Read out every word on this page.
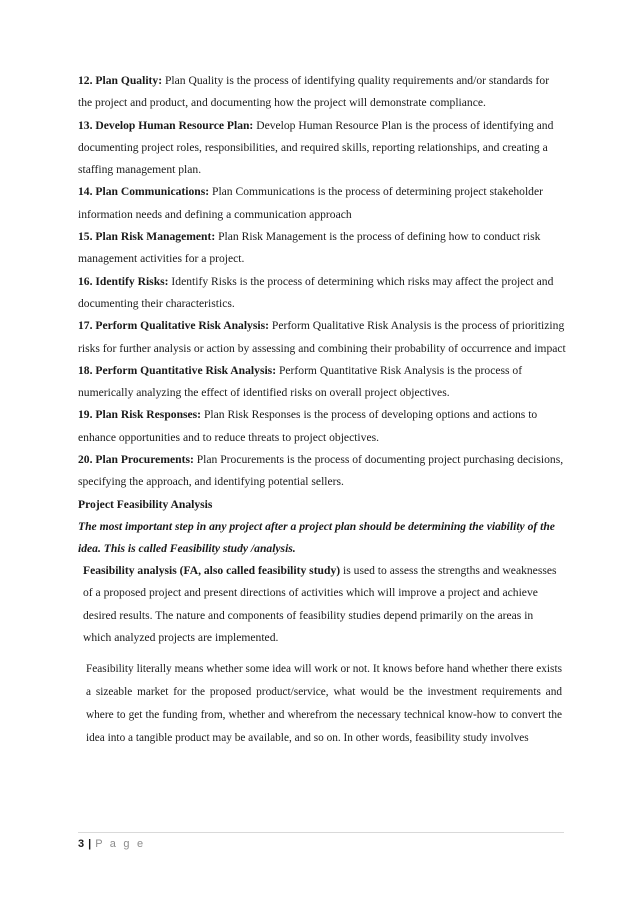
12. Plan Quality: Plan Quality is the process of identifying quality requirements and/or standards for the project and product, and documenting how the project will demonstrate compliance.
13. Develop Human Resource Plan: Develop Human Resource Plan is the process of identifying and documenting project roles, responsibilities, and required skills, reporting relationships, and creating a staffing management plan.
14. Plan Communications: Plan Communications is the process of determining project stakeholder information needs and defining a communication approach
15. Plan Risk Management: Plan Risk Management is the process of defining how to conduct risk management activities for a project.
16. Identify Risks: Identify Risks is the process of determining which risks may affect the project and documenting their characteristics.
17. Perform Qualitative Risk Analysis: Perform Qualitative Risk Analysis is the process of prioritizing risks for further analysis or action by assessing and combining their probability of occurrence and impact
18. Perform Quantitative Risk Analysis: Perform Quantitative Risk Analysis is the process of numerically analyzing the effect of identified risks on overall project objectives.
19. Plan Risk Responses: Plan Risk Responses is the process of developing options and actions to enhance opportunities and to reduce threats to project objectives.
20. Plan Procurements: Plan Procurements is the process of documenting project purchasing decisions, specifying the approach, and identifying potential sellers.
Project Feasibility Analysis
The most important step in any project after a project plan should be determining the viability of the idea. This is called Feasibility study /analysis.
Feasibility analysis (FA, also called feasibility study) is used to assess the strengths and weaknesses of a proposed project and present directions of activities which will improve a project and achieve desired results. The nature and components of feasibility studies depend primarily on the areas in which analyzed projects are implemented.
Feasibility literally means whether some idea will work or not. It knows before hand whether there exists a sizeable market for the proposed product/service, what would be the investment requirements and where to get the funding from, whether and wherefrom the necessary technical know-how to convert the idea into a tangible product may be available, and so on. In other words, feasibility study involves
3 | P a g e
